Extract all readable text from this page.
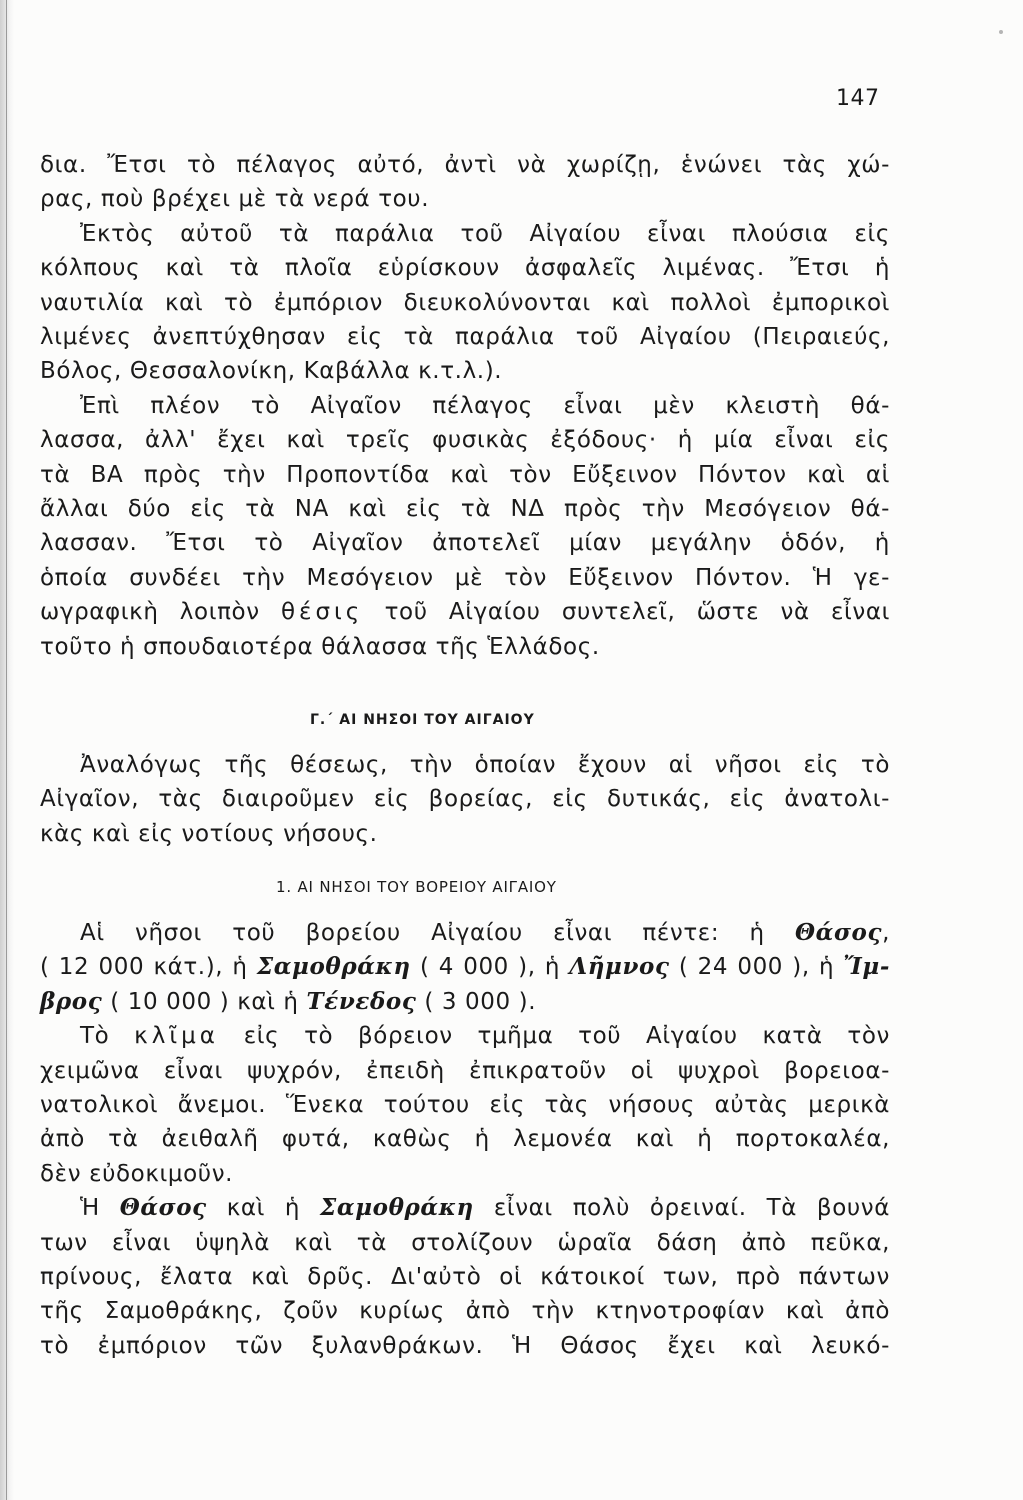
147
δια. Ἔτσι τὸ πέλαγος αὐτό, ἀντὶ νὰ χωρίζῃ, ἑνώνει τὰς χώ-
ρας, ποὺ βρέχει μὲ τὰ νερά του.
Ἐκτὸς αὐτοῦ τὰ παράλια τοῦ Αἰγαίου εἶναι πλούσια εἰς
κόλπους καὶ τὰ πλοῖα εὑρίσκουν ἀσφαλεῖς λιμένας. Ἔτσι ἡ
ναυτιλία καὶ τὸ ἐμπόριον διευκολύνονται καὶ πολλοὶ ἐμπορικοὶ
λιμένες ἀνεπτύχθησαν εἰς τὰ παράλια τοῦ Αἰγαίου (Πειραιεύς,
Βόλος, Θεσσαλονίκη, Καβάλλα κ.τ.λ.).
Ἐπὶ πλέον τὸ Αἰγαῖον πέλαγος εἶναι μὲν κλειστὴ θά-
λασσα, ἀλλ' ἔχει καὶ τρεῖς φυσικὰς ἐξόδους· ἡ μία εἶναι εἰς
τὰ ΒΑ πρὸς τὴν Προποντίδα καὶ τὸν Εὔξεινον Πόντον καὶ αἱ
ἄλλαι δύο εἰς τὰ ΝΑ καὶ εἰς τὰ ΝΔ πρὸς τὴν Μεσόγειον θά-
λασσαν. Ἔτσι τὸ Αἰγαῖον ἀποτελεῖ μίαν μεγάλην ὁδόν, ἡ
ὁποία συνδέει τὴν Μεσόγειον μὲ τὸν Εὔξεινον Πόντον. Ἡ γε-
ωγραφικὴ λοιπὸν θέσις τοῦ Αἰγαίου συντελεῖ, ὥστε νὰ εἶναι
τοῦτο ἡ σπουδαιοτέρα θάλασσα τῆς Ἑλλάδος.
Γ.΄ ΑΙ ΝΗΣΟΙ ΤΟΥ ΑΙΓΑΙΟΥ
Ἀναλόγως τῆς θέσεως, τὴν ὁποίαν ἔχουν αἱ νῆσοι εἰς τὸ
Αἰγαῖον, τὰς διαιροῦμεν εἰς βορείας, εἰς δυτικάς, εἰς ἀνατολι-
κὰς καὶ εἰς νοτίους νήσους.
1. ΑΙ ΝΗΣΟΙ ΤΟΥ ΒΟΡΕΙΟΥ ΑΙΓΑΙΟΥ
Αἱ νῆσοι τοῦ βορείου Αἰγαίου εἶναι πέντε: ἡ Θάσος,
( 12 000 κάτ.), ἡ Σαμοθράκη ( 4 000 ), ἡ Λῆμνος ( 24 000 ), ἡ Ἴμ-
βρος ( 10 000 ) καὶ ἡ Τένεδος ( 3 000 ).
Τὸ κλῖμα εἰς τὸ βόρειον τμῆμα τοῦ Αἰγαίου κατὰ τὸν
χειμῶνα εἶναι ψυχρόν, ἐπειδὴ ἐπικρατοῦν οἱ ψυχροὶ βορειοα-
νατολικοὶ ἄνεμοι. Ἕνεκα τούτου εἰς τὰς νήσους αὐτὰς μερικὰ
ἀπὸ τὰ ἀειθαλῆ φυτά, καθὼς ἡ λεμονέα καὶ ἡ πορτοκαλέα,
δὲν εὐδοκιμοῦν.
Ἡ Θάσος καὶ ἡ Σαμοθράκη εἶναι πολὺ ὀρειναί. Τὰ βουνά
των εἶναι ὑψηλὰ καὶ τὰ στολίζουν ὡραῖα δάση ἀπὸ πεῦκα,
πρίνους, ἔλατα καὶ δρῦς. Δι'αὐτὸ οἱ κάτοικοί των, πρὸ πάντων
τῆς Σαμοθράκης, ζοῦν κυρίως ἀπὸ τὴν κτηνοτροφίαν καὶ ἀπὸ
τὸ ἐμπόριον τῶν ξυλανθράκων. Ἡ Θάσος ἔχει καὶ λευκό-
